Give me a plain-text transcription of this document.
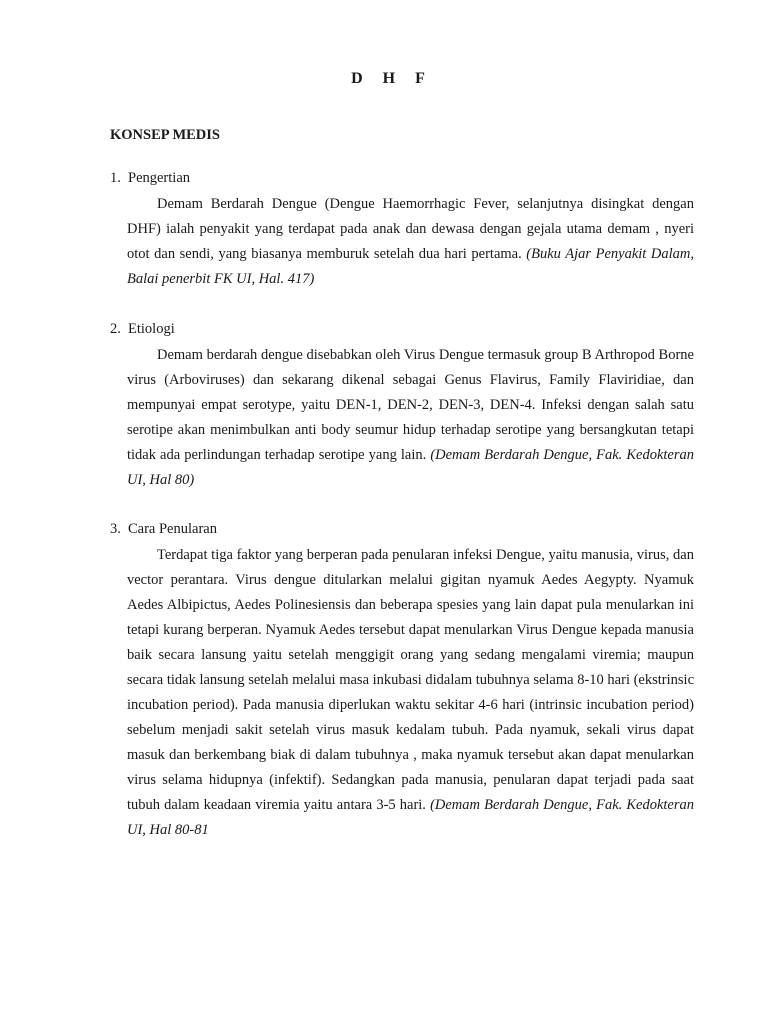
D H F
KONSEP MEDIS
1. Pengertian
Demam Berdarah Dengue (Dengue Haemorrhagic Fever, selanjutnya disingkat dengan DHF) ialah penyakit yang terdapat pada anak dan dewasa dengan gejala utama demam , nyeri otot dan sendi, yang biasanya memburuk setelah dua hari pertama. (Buku Ajar Penyakit Dalam, Balai penerbit FK UI, Hal. 417)
2. Etiologi
Demam berdarah dengue disebabkan oleh Virus Dengue termasuk group B Arthropod Borne virus (Arboviruses) dan sekarang dikenal sebagai Genus Flavirus, Family Flaviridiae, dan mempunyai empat serotype, yaitu DEN-1, DEN-2, DEN-3, DEN-4. Infeksi dengan salah satu serotipe akan menimbulkan anti body seumur hidup terhadap serotipe yang bersangkutan tetapi tidak ada perlindungan terhadap serotipe yang lain. (Demam Berdarah Dengue, Fak. Kedokteran UI, Hal 80)
3. Cara Penularan
Terdapat tiga faktor yang berperan pada penularan infeksi Dengue, yaitu manusia, virus, dan vector perantara. Virus dengue ditularkan melalui gigitan nyamuk Aedes Aegypty. Nyamuk Aedes Albipictus, Aedes Polinesiensis dan beberapa spesies yang lain dapat pula menularkan ini tetapi kurang berperan. Nyamuk Aedes tersebut dapat menularkan Virus Dengue kepada manusia baik secara lansung yaitu setelah menggigit orang yang sedang mengalami viremia; maupun secara tidak lansung setelah melalui masa inkubasi didalam tubuhnya selama 8-10 hari (ekstrinsic incubation period). Pada manusia diperlukan waktu sekitar 4-6 hari (intrinsic incubation period) sebelum menjadi sakit setelah virus masuk kedalam tubuh. Pada nyamuk, sekali virus dapat masuk dan berkembang biak di dalam tubuhnya , maka nyamuk tersebut akan dapat menularkan virus selama hidupnya (infektif). Sedangkan pada manusia, penularan dapat terjadi pada saat tubuh dalam keadaan viremia yaitu antara 3-5 hari. (Demam Berdarah Dengue, Fak. Kedokteran UI, Hal 80-81
